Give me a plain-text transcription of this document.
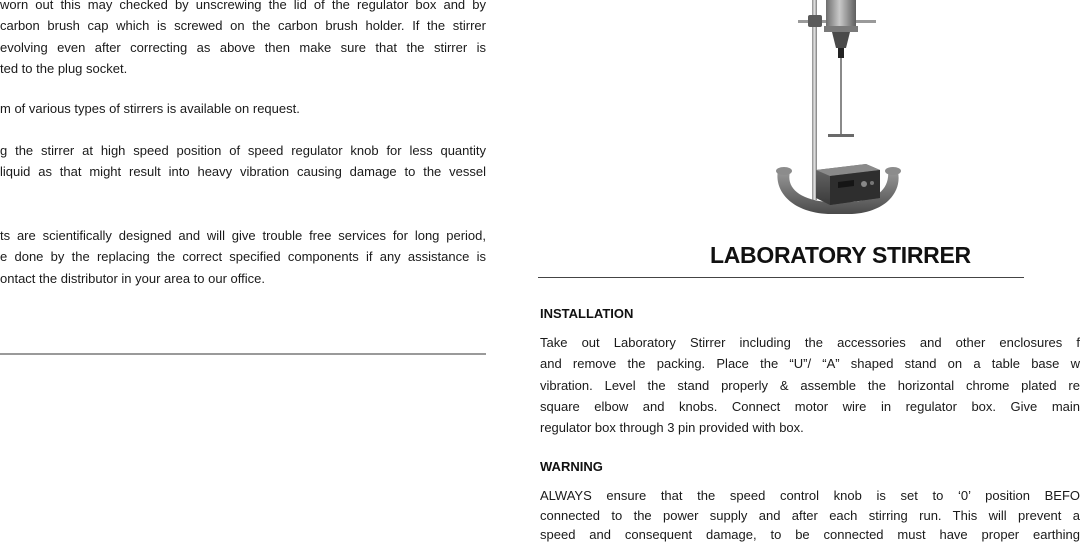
worn out this may checked by unscrewing the lid of the regulator box and by
carbon brush cap which is screwed on the carbon brush holder. If the stirrer
evolving even after correcting as above then make sure that the stirrer is
ted to the plug socket.
m of various types of stirrers is available on request.
g the stirrer at high speed position of speed regulator knob for less quantity
liquid as that might result into heavy vibration causing damage to the vessel
ts are scientifically designed and will give trouble free services for long period,
e done by the replacing the correct specified components if any assistance is
ontact the distributor in your area to our office.
LABORATORY STIRRER
INSTALLATION
Take out Laboratory Stirrer including the accessories and other enclosures f
and remove the packing. Place the “U”/ “A” shaped stand on a table base w
vibration. Level the stand properly & assemble the horizontal chrome plated re
square elbow and knobs. Connect motor wire in regulator box. Give main
regulator box through 3 pin provided with box.
WARNING
ALWAYS ensure that the speed control knob is set to ‘0’ position BEFO
connected to the power supply and after each stirring run. This will prevent a
speed and consequent damage, to be connected must have proper earthing
